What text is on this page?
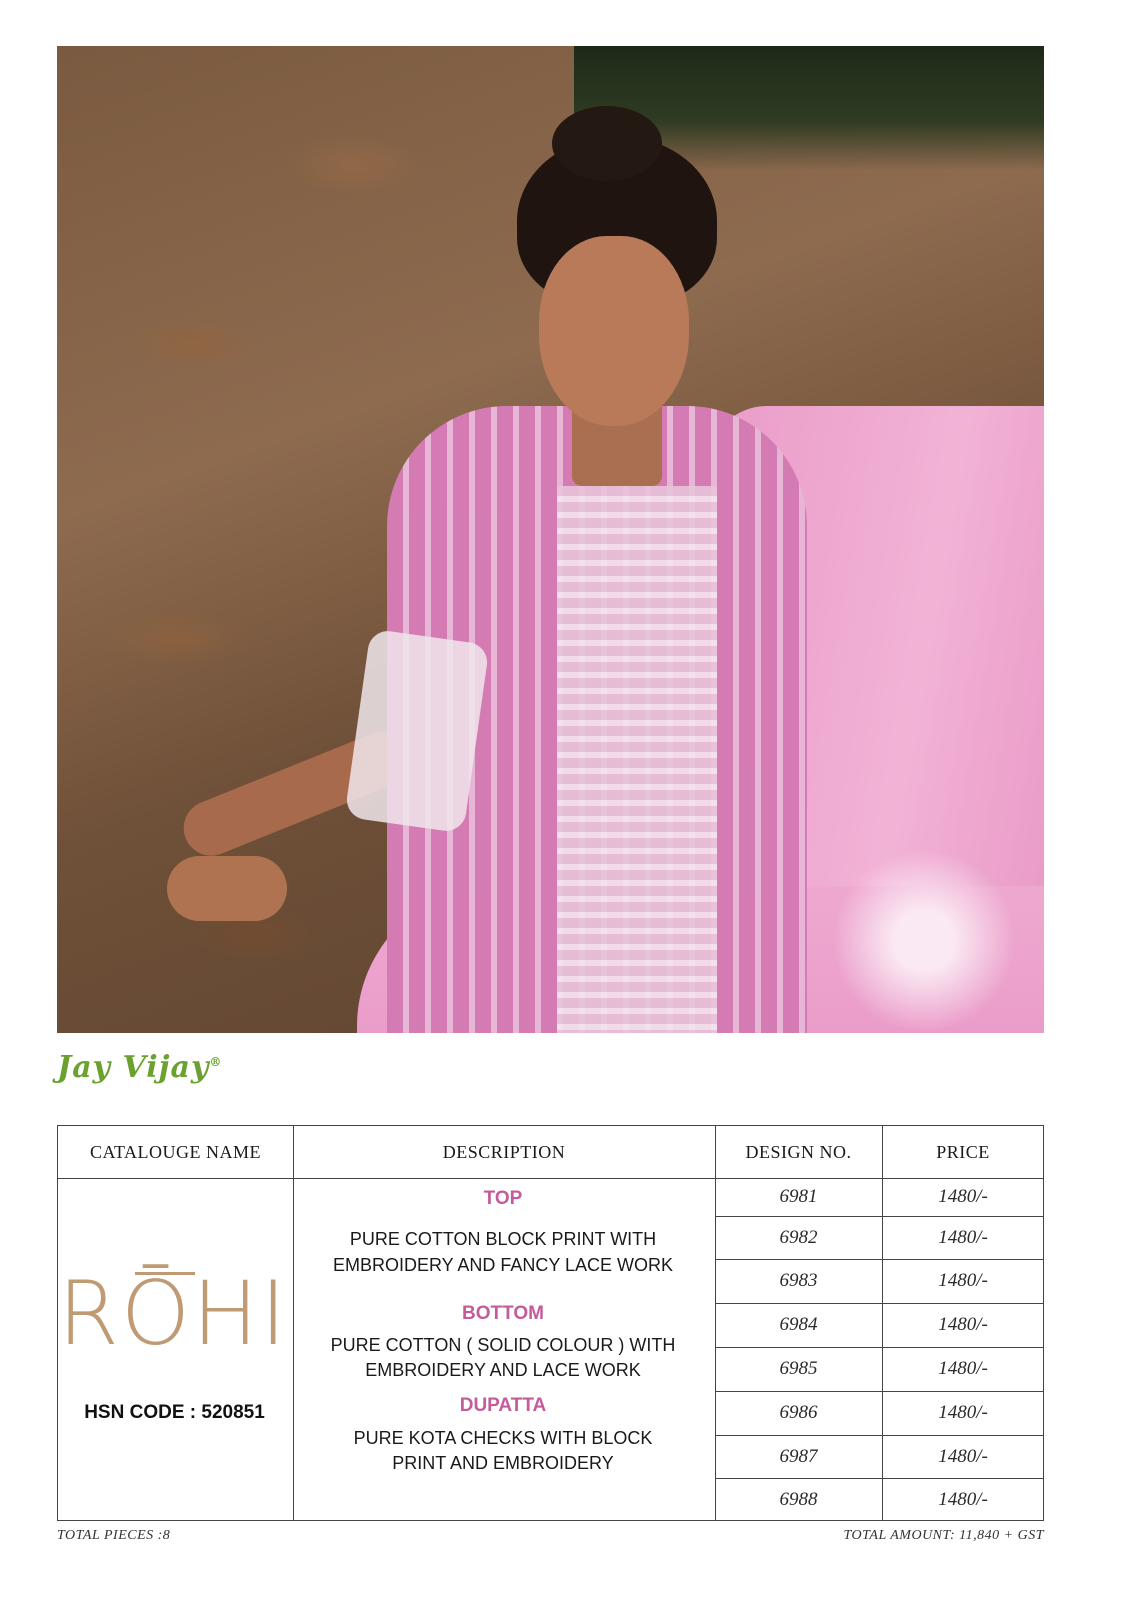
Jay Vijay®
CATALOUGE NAME	DESCRIPTION	DESIGN NO.	PRICE
6981	1480/-
6982	1480/-
6983	1480/-
6984	1480/-
6985	1480/-
6986	1480/-
6987	1480/-
6988	1480/-
RŌHI
HSN CODE : 520851
TOP
PURE COTTON BLOCK PRINT WITH
EMBROIDERY AND FANCY LACE WORK
BOTTOM
PURE COTTON ( SOLID COLOUR ) WITH
EMBROIDERY AND LACE WORK
DUPATTA
PURE KOTA CHECKS WITH BLOCK
PRINT AND EMBROIDERY
TOTAL PIECES :8	TOTAL AMOUNT: 11,840 + GST
